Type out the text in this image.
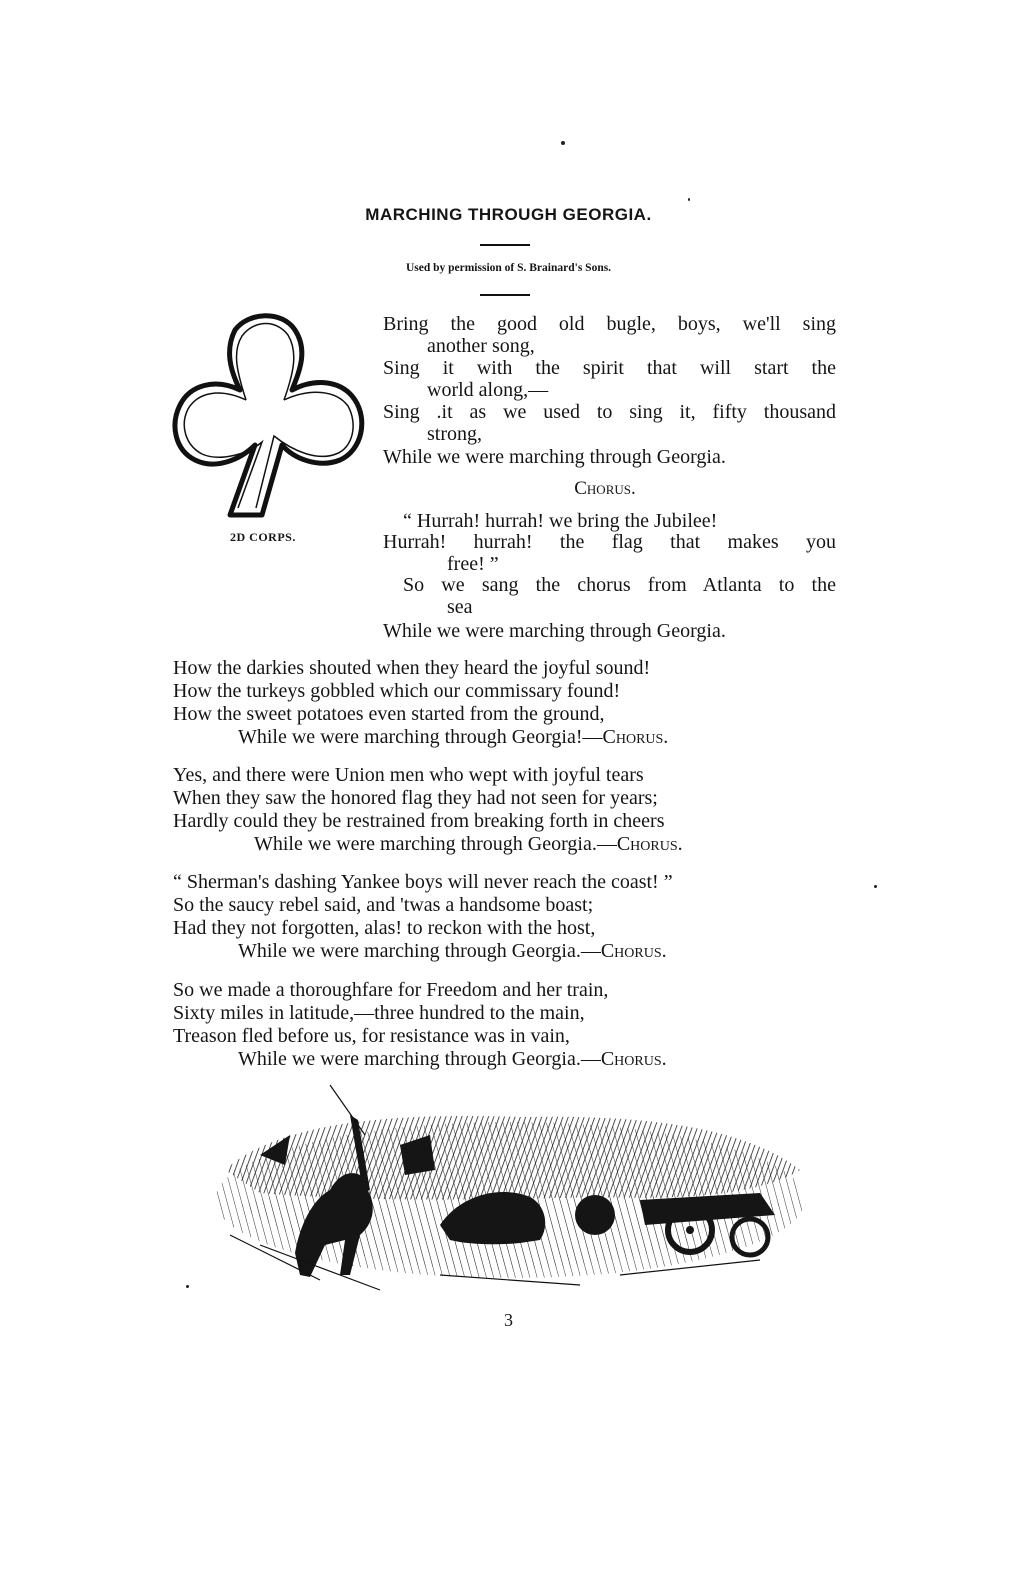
MARCHING THROUGH GEORGIA.
Used by permission of S. Brainard's Sons.
2D CORPS.
Bring the good old bugle, boys, we'll sing
another song,
Sing it with the spirit that will start the
world along,—
Sing .it as we used to sing it, fifty thousand
strong,
While we were marching through Georgia.
Chorus.
“ Hurrah! hurrah! we bring the Jubilee!
Hurrah! hurrah! the flag that makes you
free! ”
So we sang the chorus from Atlanta to the
sea
While we were marching through Georgia.
How the darkies shouted when they heard the joyful sound!
How the turkeys gobbled which our commissary found!
How the sweet potatoes even started from the ground,
While we were marching through Georgia!—Chorus.
Yes, and there were Union men who wept with joyful tears
When they saw the honored flag they had not seen for years;
Hardly could they be restrained from breaking forth in cheers
While we were marching through Georgia.—Chorus.
“ Sherman's dashing Yankee boys will never reach the coast! ”
So the saucy rebel said, and 'twas a handsome boast;
Had they not forgotten, alas! to reckon with the host,
While we were marching through Georgia.—Chorus.
So we made a thoroughfare for Freedom and her train,
Sixty miles in latitude,—three hundred to the main,
Treason fled before us, for resistance was in vain,
While we were marching through Georgia.—Chorus.
3
